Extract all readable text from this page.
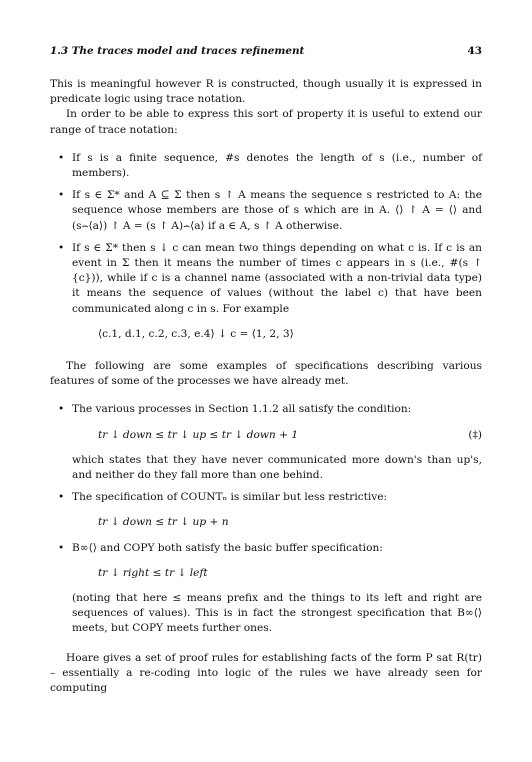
1.3 The traces model and traces refinement	43

This is meaningful however R is constructed, though usually it is expressed in predicate logic using trace notation.

In order to be able to express this sort of property it is useful to extend our range of trace notation:

• If s is a finite sequence, #s denotes the length of s (i.e., number of members).
• If s ∈ Σ* and A ⊆ Σ then s ↾ A means the sequence s restricted to A: the sequence whose members are those of s which are in A. ⟨⟩ ↾ A = ⟨⟩ and (s⌢⟨a⟩) ↾ A = (s ↾ A)⌢⟨a⟩ if a ∈ A, s ↾ A otherwise.
• If s ∈ Σ* then s ↓ c can mean two things depending on what c is. If c is an event in Σ then it means the number of times c appears in s (i.e., #(s ↾ {c})), while if c is a channel name (associated with a non-trivial data type) it means the sequence of values (without the label c) that have been communicated along c in s. For example
⟨c.1, d.1, c.2, c.3, e.4⟩ ↓ c = ⟨1, 2, 3⟩

The following are some examples of specifications describing various features of some of the processes we have already met.

• The various processes in Section 1.1.2 all satisfy the condition:
tr ↓ down ≤ tr ↓ up ≤ tr ↓ down + 1	(‡)

which states that they have never communicated more down's than up's, and neither do they fall more than one behind.

• The specification of COUNTₙ is similar but less restrictive:
tr ↓ down ≤ tr ↓ up + n
• B∞⟨⟩ and COPY both satisfy the basic buffer specification:
tr ↓ right ≤ tr ↓ left

(noting that here ≤ means prefix and the things to its left and right are sequences of values). This is in fact the strongest specification that B∞⟨⟩ meets, but COPY meets further ones.

Hoare gives a set of proof rules for establishing facts of the form P sat R(tr) – essentially a re-coding into logic of the rules we have already seen for computing
